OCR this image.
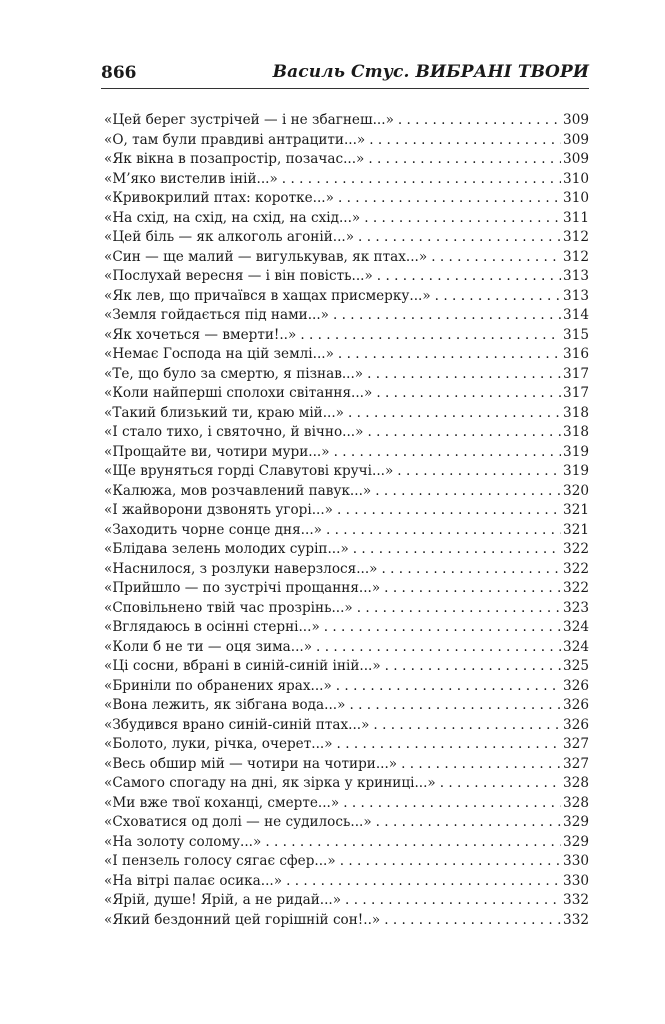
866	Василь Стус. ВИБРАНІ ТВОРИ
«Цей берег зустрічей — і не збагнеш...» . . .	309
«О, там були правдиві антрацити...» . . .	309
«Як вікна в позапростір, позачас...» . . .	309
«М’яко вистелив іній...» . . .	310
«Кривокрилий птах: коротке...» . . .	310
«На схід, на схід, на схід, на схід...» . . .	311
«Цей біль — як алкоголь агоній...» . . .	312
«Син — ще малий — вигулькував, як птах...» . . .	312
«Послухай вересня — і він повість...» . . .	313
«Як лев, що причаївся в хащах присмерку...» . . .	313
«Земля гойдається під нами...» . . .	314
«Як хочеться — вмерти!..» . . .	315
«Немає Господа на цій землі...» . . .	316
«Те, що було за смертю, я пізнав...» . . .	317
«Коли найперші сполохи світання...» . . .	317
«Такий близький ти, краю мій...» . . .	318
«І стало тихо, і святочно, й вічно...» . . .	318
«Прощайте ви, чотири мури...» . . .	319
«Ще вруняться горді Славутові кручі...» . . .	319
«Калюжа, мов розчавлений павук...» . . .	320
«І жайворони дзвонять угорі...» . . .	321
«Заходить чорне сонце дня...» . . .	321
«Блідава зелень молодих суріп...» . . .	322
«Наснилося, з розлуки наверзлося...» . . .	322
«Прийшло — по зустрічі прощання...» . . .	322
«Сповільнено твій час прозрінь...» . . .	323
«Вглядаюсь в осінні стерні...» . . .	324
«Коли б не ти — оця зима...» . . .	324
«Ці сосни, вбрані в синій-синій іній...» . . .	325
«Бриніли по обранених ярах...» . . .	326
«Вона лежить, як зібгана вода...» . . .	326
«Збудився врано синій-синій птах...» . . .	326
«Болото, луки, річка, очерет...» . . .	327
«Весь обшир мій — чотири на чотири...» . . .	327
«Самого спогаду на дні, як зірка у криниці...» . . .	328
«Ми вже твої коханці, смерте...» . . .	328
«Сховатися од долі — не судилось...» . . .	329
«На золоту солому...» . . .	329
«І пензель голосу сягає сфер...» . . .	330
«На вітрі палає осика...» . . .	330
«Ярій, душе! Ярій, а не ридай...» . . .	332
«Який бездонний цей горішній сон!..» . . .	332
